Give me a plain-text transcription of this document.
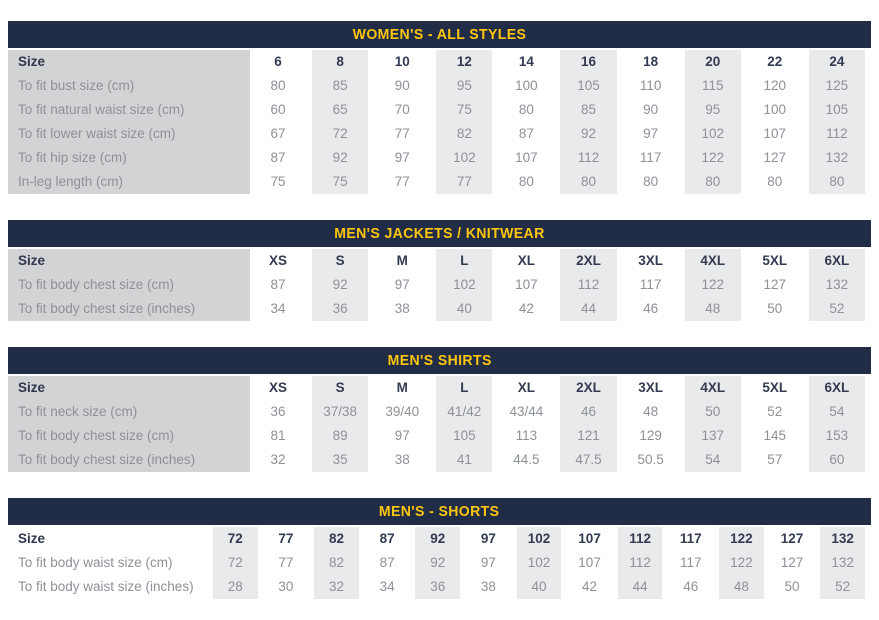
WOMEN'S - ALL STYLES
Size	6	8	10	12	14	16	18	20	22	24
To fit bust size (cm)	80	85	90	95	100	105	110	115	120	125
To fit natural waist size (cm)	60	65	70	75	80	85	90	95	100	105
To fit lower waist size (cm)	67	72	77	82	87	92	97	102	107	112
To fit hip size (cm)	87	92	97	102	107	112	117	122	127	132
In-leg length (cm)	75	75	77	77	80	80	80	80	80	80
MEN'S JACKETS / KNITWEAR
Size	XS	S	M	L	XL	2XL	3XL	4XL	5XL	6XL
To fit body chest size (cm)	87	92	97	102	107	112	117	122	127	132
To fit body chest size (inches)	34	36	38	40	42	44	46	48	50	52
MEN'S SHIRTS
Size	XS	S	M	L	XL	2XL	3XL	4XL	5XL	6XL
To fit neck size (cm)	36	37/38	39/40	41/42	43/44	46	48	50	52	54
To fit body chest size (cm)	81	89	97	105	113	121	129	137	145	153
To fit body chest size (inches)	32	35	38	41	44.5	47.5	50.5	54	57	60
MEN'S - SHORTS
Size	72	77	82	87	92	97	102	107	112	117	122	127	132
To fit body waist size (cm)	72	77	82	87	92	97	102	107	112	117	122	127	132
To fit body waist size (inches)	28	30	32	34	36	38	40	42	44	46	48	50	52
